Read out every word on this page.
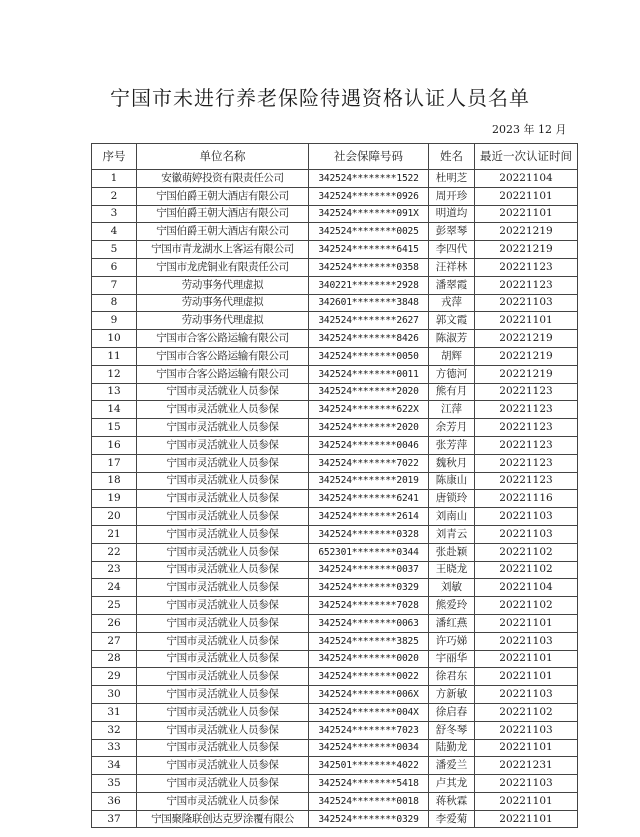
宁国市未进行养老保险待遇资格认证人员名单
2023 年 12 月
序号	单位名称	社会保障号码	姓名	最近一次认证时间
1	安徽萌婷投资有限责任公司	342524********1522	杜明芝	20221104
2	宁国伯爵王朝大酒店有限公司	342524********0926	周开珍	20221101
3	宁国伯爵王朝大酒店有限公司	342524********091X	明道均	20221101
4	宁国伯爵王朝大酒店有限公司	342524********0025	彭翠琴	20221219
5	宁国市青龙湖水上客运有限公司	342524********6415	李四代	20221219
6	宁国市龙虎铜业有限责任公司	342524********0358	汪祥林	20221123
7	劳动事务代理虚拟	340221********2928	潘翠霞	20221123
8	劳动事务代理虚拟	342601********3848	戎萍	20221103
9	劳动事务代理虚拟	342524********2627	郭文霞	20221101
10	宁国市合客公路运输有限公司	342524********8426	陈淑芳	20221219
11	宁国市合客公路运输有限公司	342524********0050	胡辉	20221219
12	宁国市合客公路运输有限公司	342524********0011	方德河	20221219
13	宁国市灵活就业人员参保	342524********2020	熊有月	20221123
14	宁国市灵活就业人员参保	342524********622X	江萍	20221123
15	宁国市灵活就业人员参保	342524********2020	余芳月	20221123
16	宁国市灵活就业人员参保	342524********0046	张芳萍	20221123
17	宁国市灵活就业人员参保	342524********7022	魏秋月	20221123
18	宁国市灵活就业人员参保	342524********2019	陈康山	20221123
19	宁国市灵活就业人员参保	342524********6241	唐锁玲	20221116
20	宁国市灵活就业人员参保	342524********2614	刘南山	20221103
21	宁国市灵活就业人员参保	342524********0328	刘青云	20221103
22	宁国市灵活就业人员参保	652301********0344	张赴颖	20221102
23	宁国市灵活就业人员参保	342524********0037	王晓龙	20221102
24	宁国市灵活就业人员参保	342524********0329	刘敏	20221104
25	宁国市灵活就业人员参保	342524********7028	熊爱玲	20221102
26	宁国市灵活就业人员参保	342524********0063	潘红燕	20221101
27	宁国市灵活就业人员参保	342524********3825	许巧娣	20221103
28	宁国市灵活就业人员参保	342524********0020	宇丽华	20221101
29	宁国市灵活就业人员参保	342524********0022	徐君东	20221101
30	宁国市灵活就业人员参保	342524********006X	方新敏	20221103
31	宁国市灵活就业人员参保	342524********004X	徐启春	20221102
32	宁国市灵活就业人员参保	342524********7023	舒冬琴	20221103
33	宁国市灵活就业人员参保	342524********0034	陆勤龙	20221101
34	宁国市灵活就业人员参保	342501********4022	潘爱兰	20221231
35	宁国市灵活就业人员参保	342524********5418	卢其龙	20221103
36	宁国市灵活就业人员参保	342524********0018	蒋秋霖	20221101
37	宁国聚隆联创达克罗涂覆有限公	342524********0329	李爱菊	20221101
